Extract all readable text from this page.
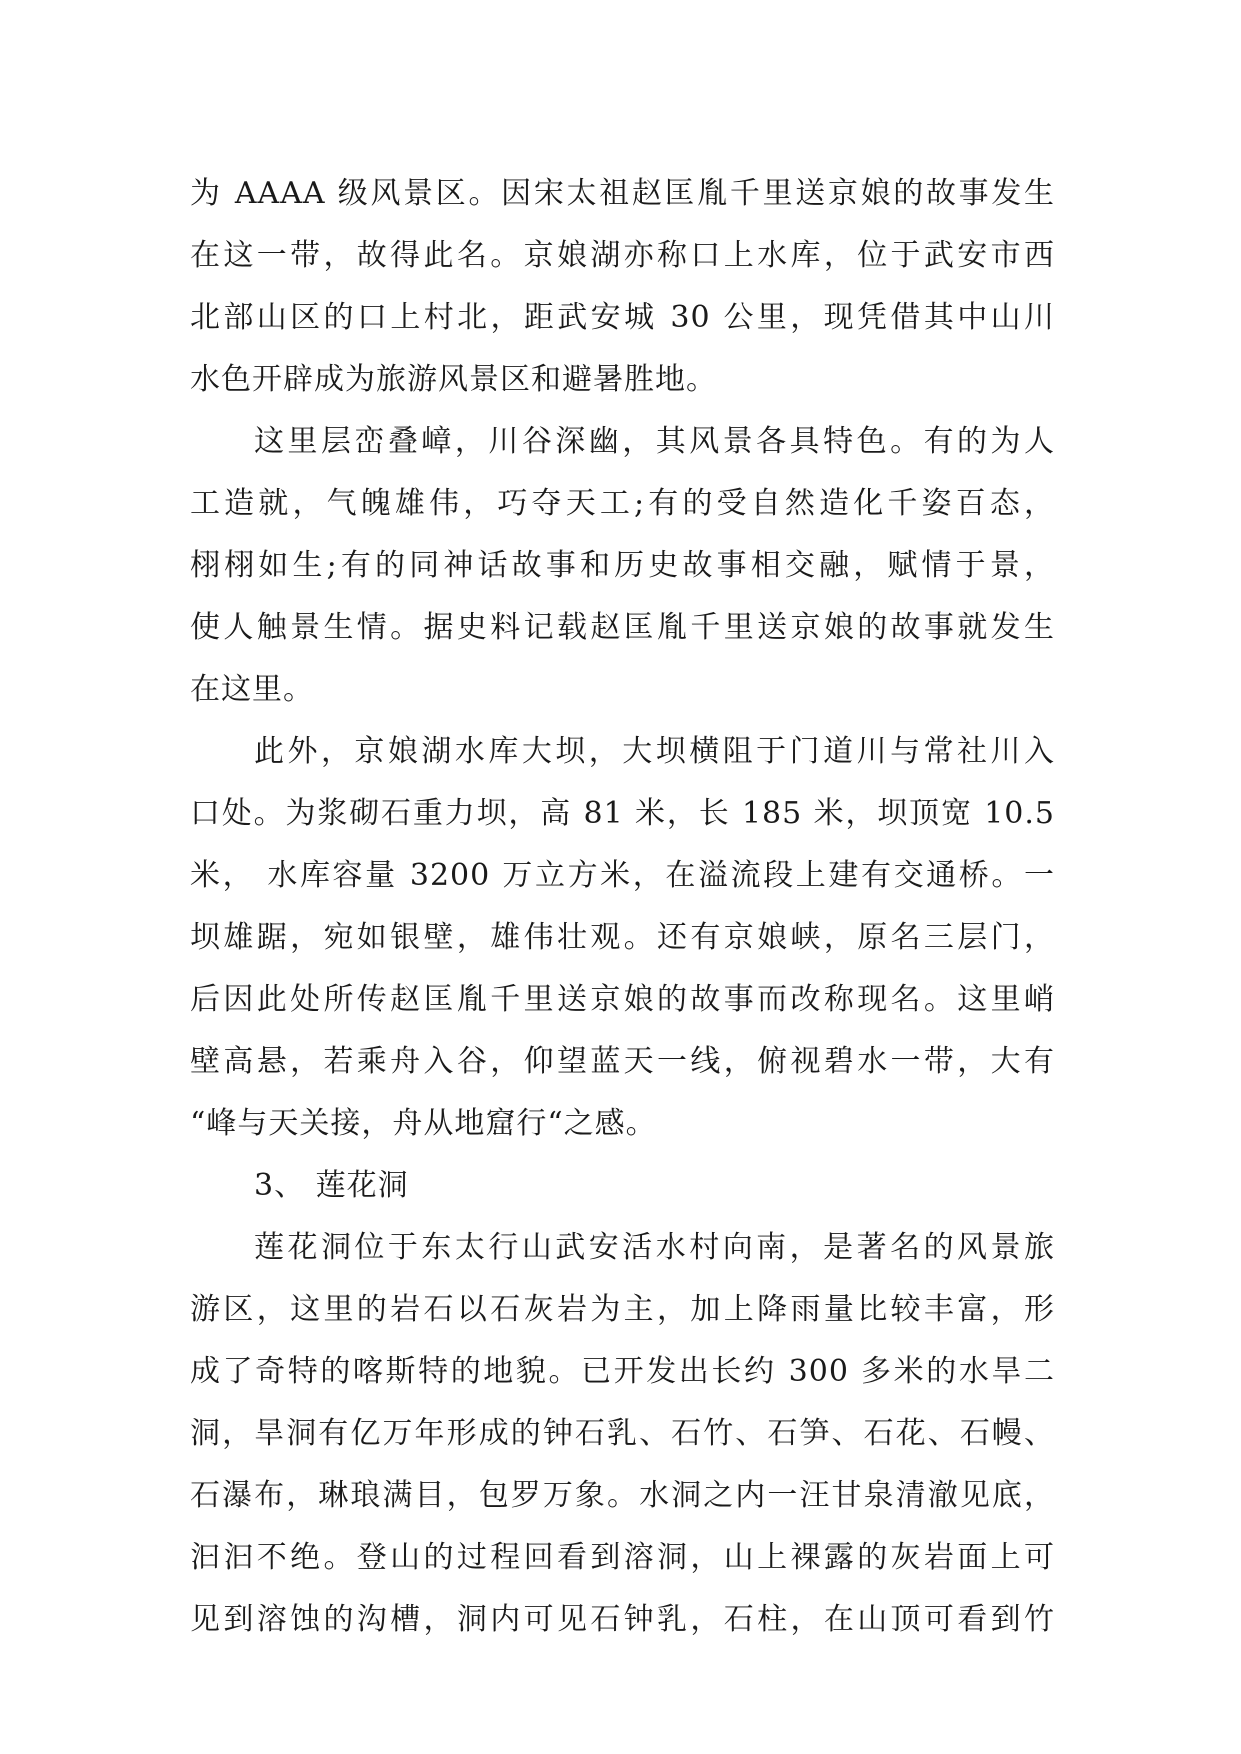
为 AAAA 级风景区。因宋太祖赵匡胤千里送京娘的故事发生
在这一带，故得此名。京娘湖亦称口上水库，位于武安市西
北部山区的口上村北，距武安城 30 公里，现凭借其中山川
水色开辟成为旅游风景区和避暑胜地。
这里层峦叠嶂，川谷深幽，其风景各具特色。有的为人
工造就，气魄雄伟，巧夺天工;有的受自然造化千姿百态，
栩栩如生;有的同神话故事和历史故事相交融，赋情于景，
使人触景生情。据史料记载赵匡胤千里送京娘的故事就发生
在这里。
此外，京娘湖水库大坝，大坝横阻于门道川与常社川入
口处。为浆砌石重力坝，高 81 米，长 185 米，坝顶宽 10.5
米， 水库容量 3200 万立方米，在溢流段上建有交通桥。一
坝雄踞，宛如银壁，雄伟壮观。还有京娘峡，原名三层门，
后因此处所传赵匡胤千里送京娘的故事而改称现名。这里峭
壁高悬，若乘舟入谷，仰望蓝天一线，俯视碧水一带，大有
“峰与天关接，舟从地窟行“之感。
3、 莲花洞
莲花洞位于东太行山武安活水村向南，是著名的风景旅
游区，这里的岩石以石灰岩为主，加上降雨量比较丰富，形
成了奇特的喀斯特的地貌。已开发出长约 300 多米的水旱二
洞，旱洞有亿万年形成的钟石乳、石竹、石笋、石花、石幔、
石瀑布，琳琅满目，包罗万象。水洞之内一汪甘泉清澈见底，
汩汩不绝。登山的过程回看到溶洞，山上裸露的灰岩面上可
见到溶蚀的沟槽，洞内可见石钟乳，石柱，在山顶可看到竹
